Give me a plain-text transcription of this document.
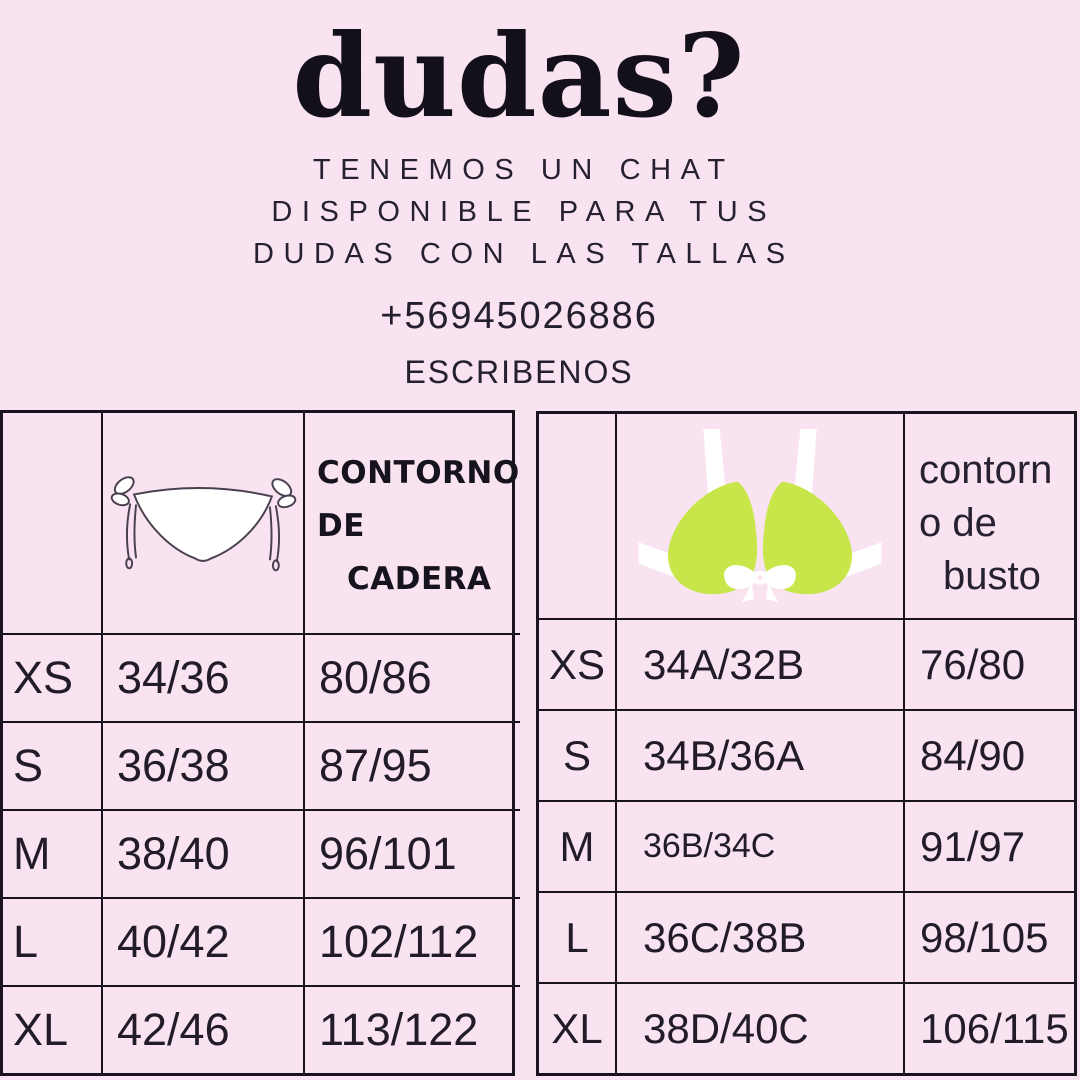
dudas?
TENEMOS UN CHAT
DISPONIBLE PARA TUS
DUDAS CON LAS TALLAS
+56945026886
ESCRIBENOS
CONTORNO
DE
CADERA
XS 34/36	80/86
S	36/38	87/95
M	38/40	96/101
L	40/42	102/112
XL	42/46	113/122
contorn
o de
busto
XS 34A/32B	76/80
S	34B/36A	84/90
M	36B/34C	91/97
L	36C/38B	98/105
XL 38D/40C	106/115
